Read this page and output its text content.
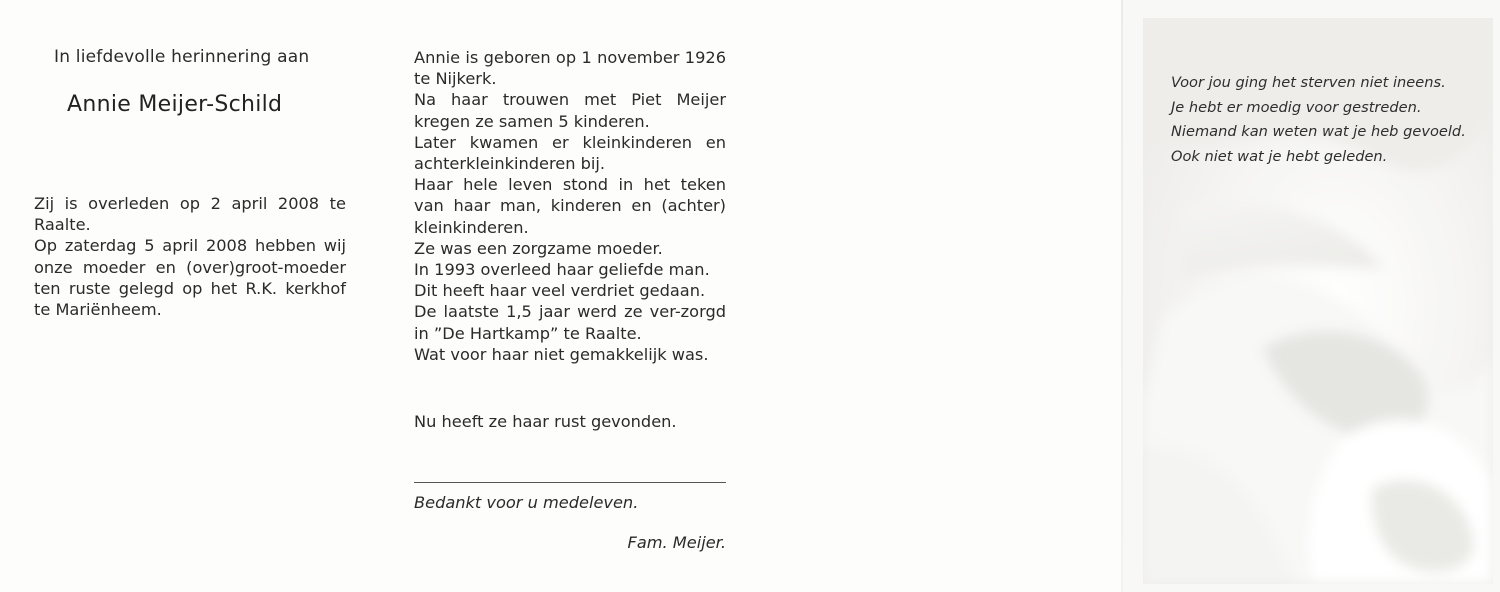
In liefdevolle herinnering aan
Annie Meijer-Schild

Zij is overleden op 2 april 2008 te Raalte.

Op zaterdag 5 april 2008 hebben wij onze moeder en (over)groot-moeder ten ruste gelegd op het R.K. kerkhof te Mariënheem.

Annie is geboren op 1 november 1926 te Nijkerk.

Na haar trouwen met Piet Meijer kregen ze samen 5 kinderen.

Later kwamen er kleinkinderen en achterkleinkinderen bij.

Haar hele leven stond in het teken van haar man, kinderen en (achter) kleinkinderen.

Ze was een zorgzame moeder.

In 1993 overleed haar geliefde man.

Dit heeft haar veel verdriet gedaan.

De laatste 1,5 jaar werd ze ver-zorgd in ”De Hartkamp” te Raalte.

Wat voor haar niet gemakkelijk was.

Nu heeft ze haar rust gevonden.
Bedankt voor u medeleven.
Fam. Meijer.

Voor jou ging het sterven niet ineens.

Je hebt er moedig voor gestreden.

Niemand kan weten wat je heb gevoeld.

Ook niet wat je hebt geleden.
